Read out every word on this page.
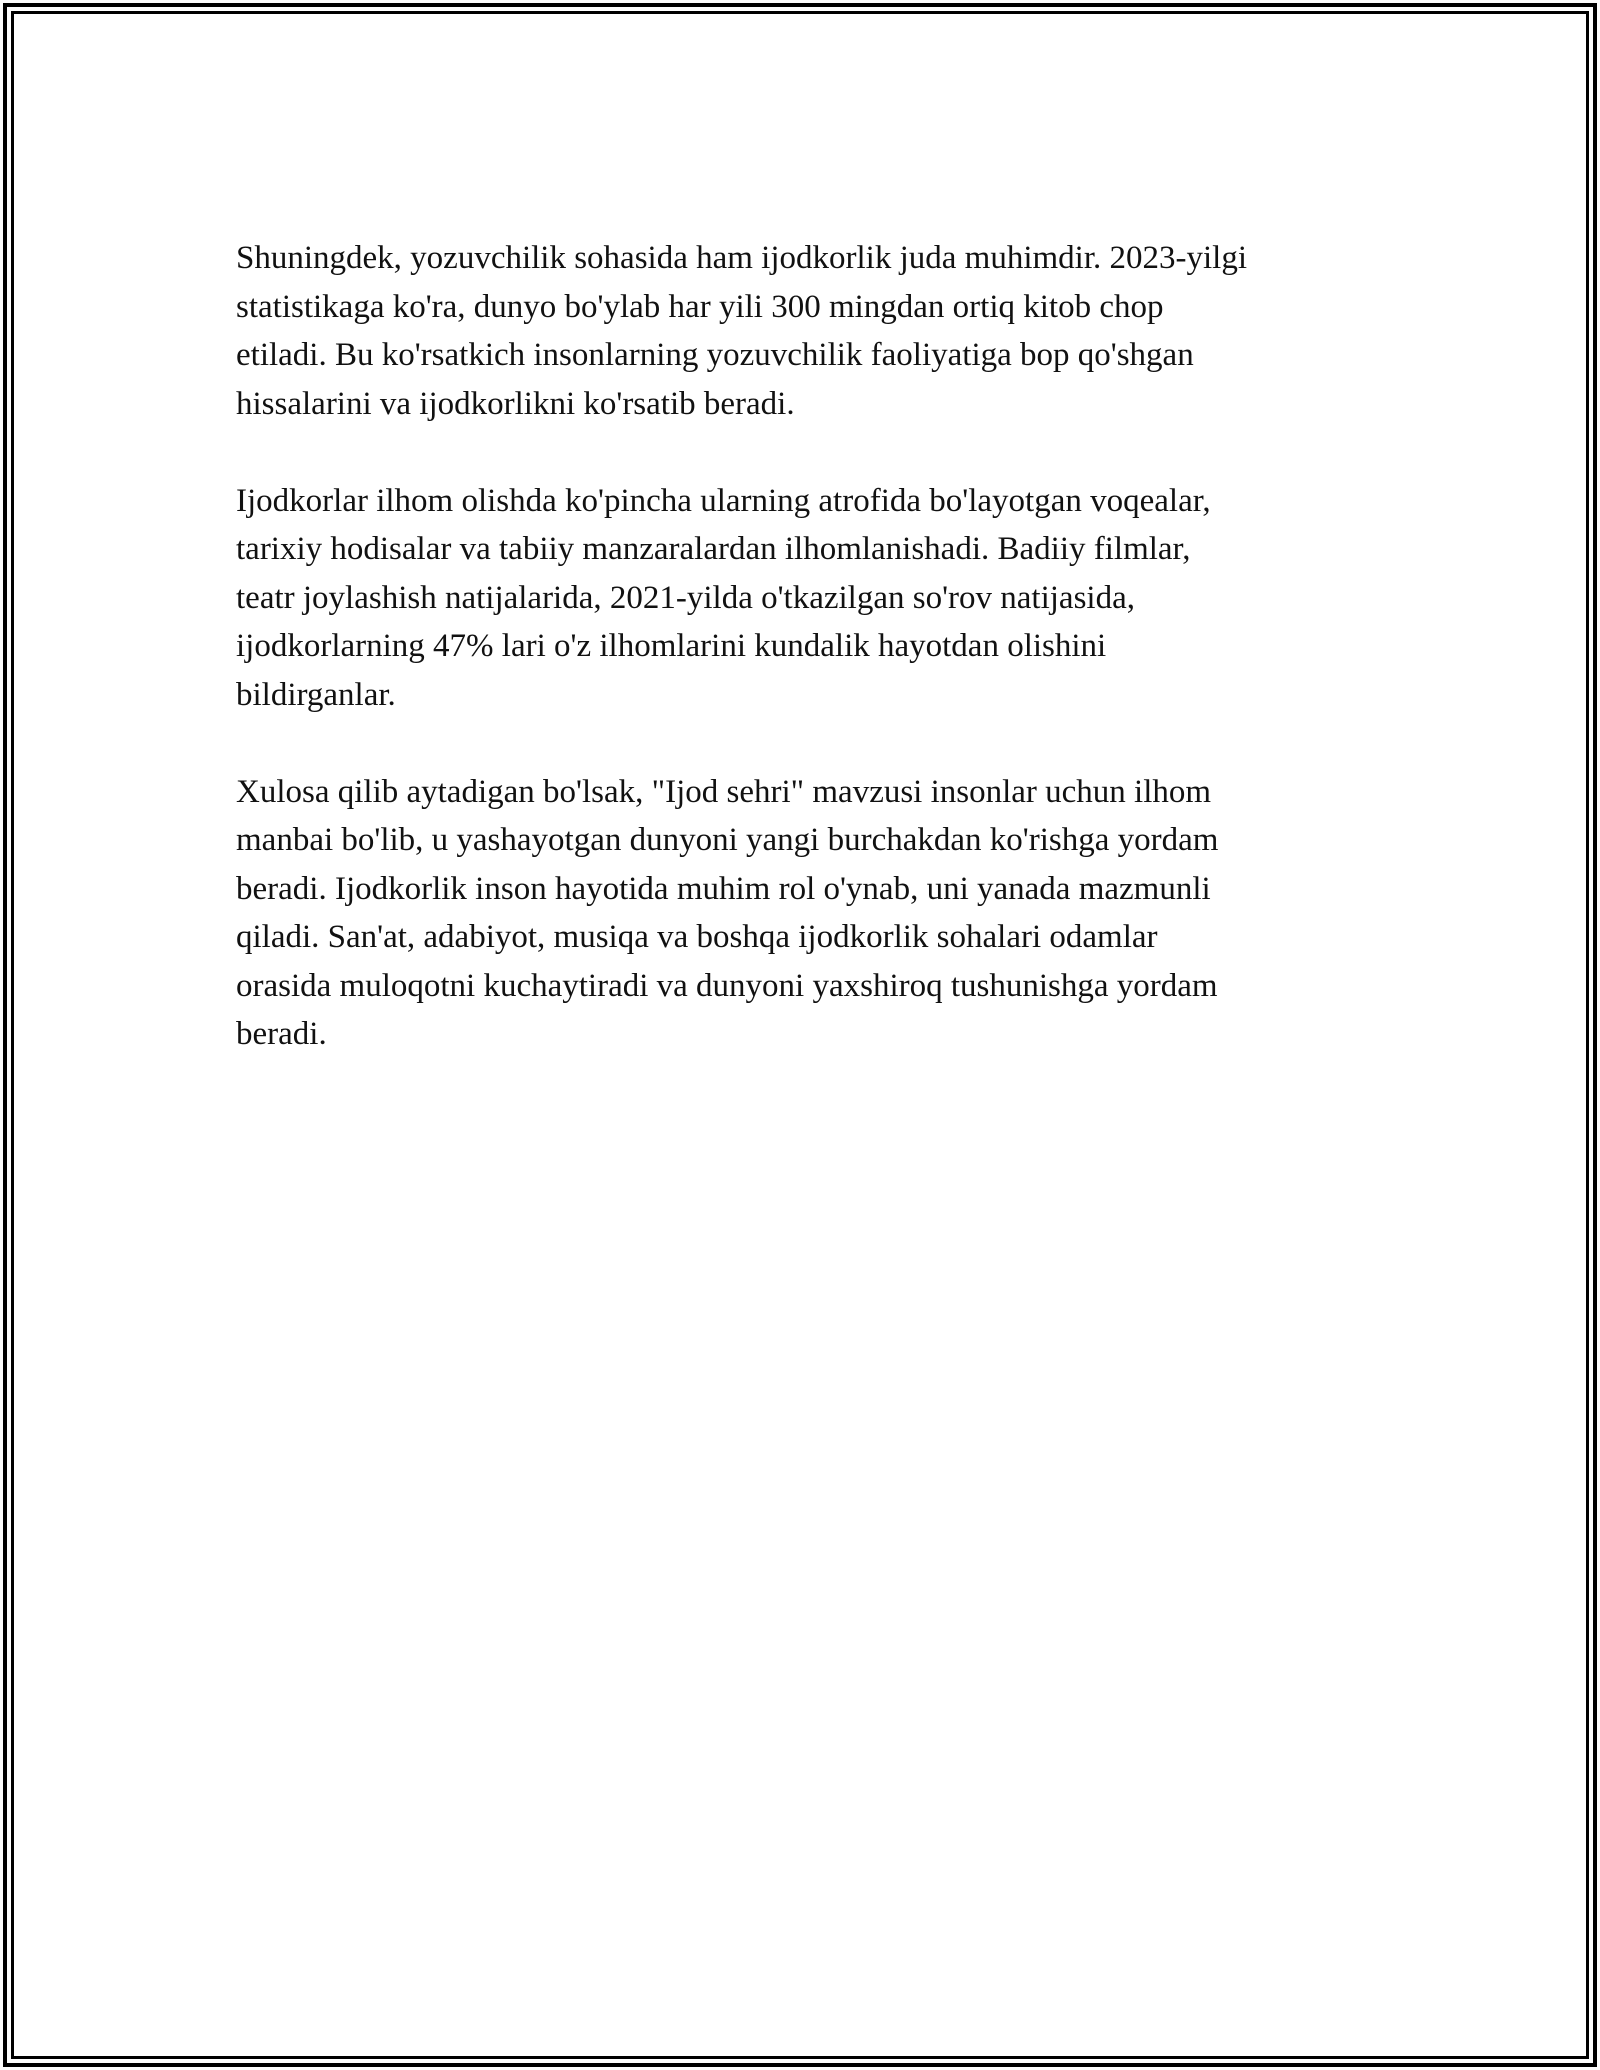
Shuningdek, yozuvchilik sohasida ham ijodkorlik juda muhimdir. 2023-yilgi
statistikaga ko'ra, dunyo bo'ylab har yili 300 mingdan ortiq kitob chop
etiladi. Bu ko'rsatkich insonlarning yozuvchilik faoliyatiga bop qo'shgan
hissalarini va ijodkorlikni ko'rsatib beradi.

Ijodkorlar ilhom olishda ko'pincha ularning atrofida bo'layotgan voqealar,
tarixiy hodisalar va tabiiy manzaralardan ilhomlanishadi. Badiiy filmlar,
teatr joylashish natijalarida, 2021-yilda o'tkazilgan so'rov natijasida,
ijodkorlarning 47% lari o'z ilhomlarini kundalik hayotdan olishini
bildirganlar.

Xulosa qilib aytadigan bo'lsak, "Ijod sehri" mavzusi insonlar uchun ilhom
manbai bo'lib, u yashayotgan dunyoni yangi burchakdan ko'rishga yordam
beradi. Ijodkorlik inson hayotida muhim rol o'ynab, uni yanada mazmunli
qiladi. San'at, adabiyot, musiqa va boshqa ijodkorlik sohalari odamlar
orasida muloqotni kuchaytiradi va dunyoni yaxshiroq tushunishga yordam
beradi.
